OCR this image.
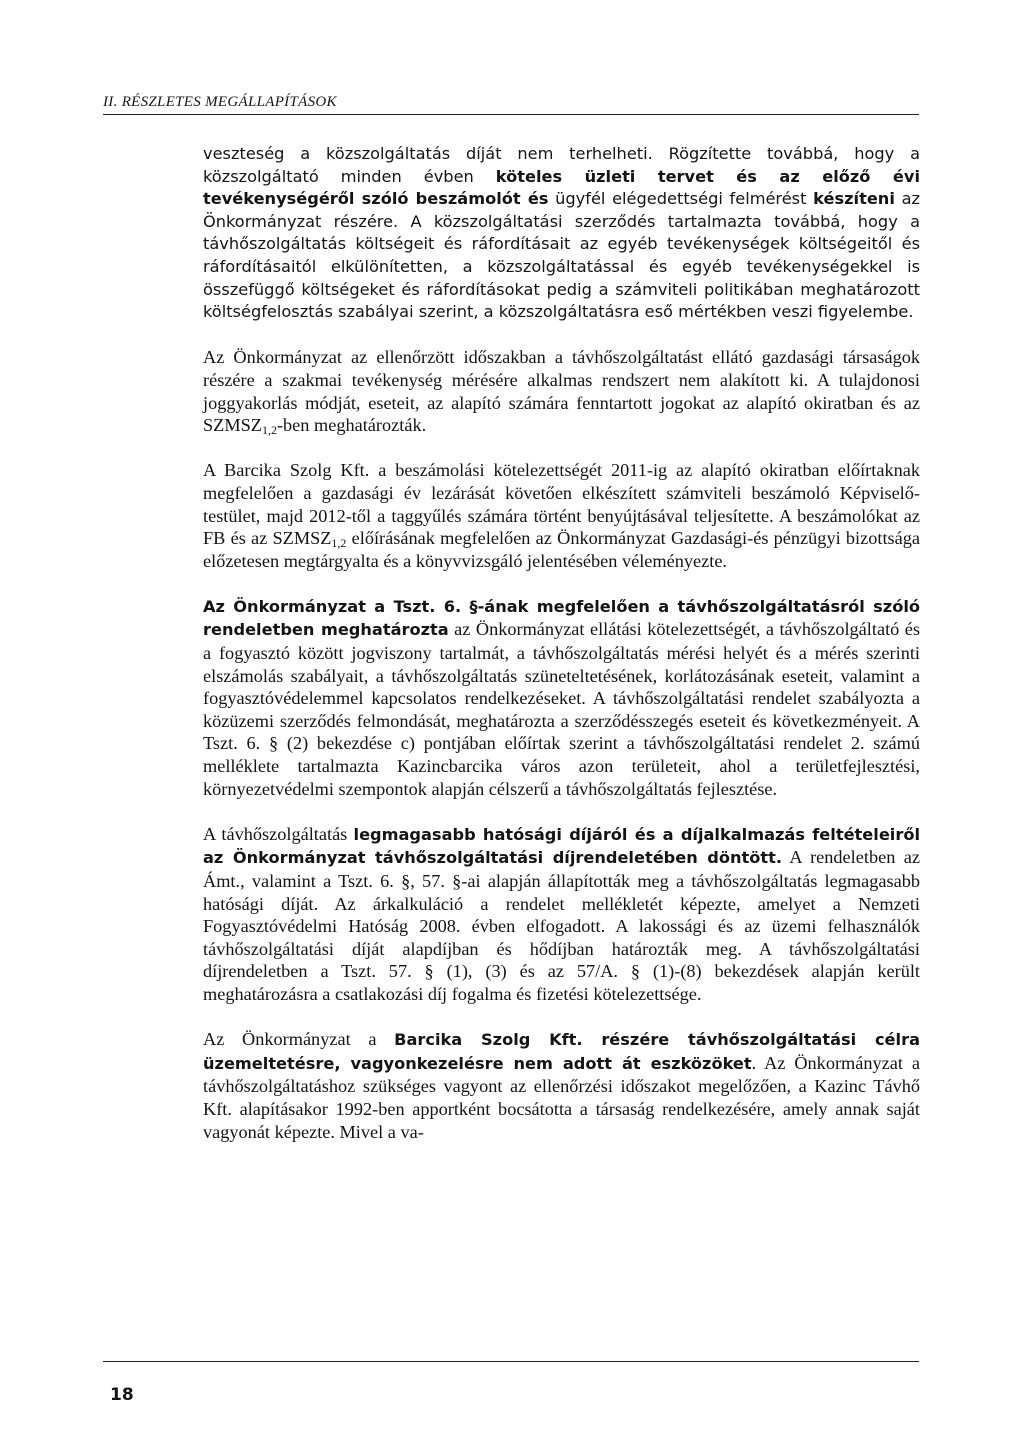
II. RÉSZLETES MEGÁLLAPÍTÁSOK

veszteség a közszolgáltatás díját nem terhelheti. Rögzítette továbbá, hogy a közszolgáltató minden évben köteles üzleti tervet és az előző évi tevékenységéről szóló beszámolót és ügyfél elégedettségi felmérést készíteni az Önkormányzat részére. A közszolgáltatási szerződés tartalmazta továbbá, hogy a távhőszolgáltatás költségeit és ráfordításait az egyéb tevékenységek költségeitől és ráfordításaitól elkülönítetten, a közszolgáltatással és egyéb tevékenységekkel is összefüggő költségeket és ráfordításokat pedig a számviteli politikában meghatározott költségfelosztás szabályai szerint, a közszolgáltatásra eső mértékben veszi figyelembe.

Az Önkormányzat az ellenőrzött időszakban a távhőszolgáltatást ellátó gazdasági társaságok részére a szakmai tevékenység mérésére alkalmas rendszert nem alakított ki. A tulajdonosi joggyakorlás módját, eseteit, az alapító számára fenntartott jogokat az alapító okiratban és az $SZMSZ_{1,2}$-ben meghatározták.

A Barcika Szolg Kft. a beszámolási kötelezettségét 2011-ig az alapító okiratban előírtaknak megfelelően a gazdasági év lezárását követően elkészített számviteli beszámoló Képviselő-testület, majd 2012-től a taggyűlés számára történt benyújtásával teljesítette. A beszámolókat az FB és az $SZMSZ_{1,2}$ előírásának megfelelően az Önkormányzat Gazdasági-és pénzügyi bizottsága előzetesen megtárgyalta és a könyvvizsgáló jelentésében véleményezte.

Az Önkormányzat a Tszt. 6. §-ának megfelelően a távhőszolgáltatásról szóló rendeletben meghatározta az Önkormányzat ellátási kötelezettségét, a távhőszolgáltató és a fogyasztó között jogviszony tartalmát, a távhőszolgáltatás mérési helyét és a mérés szerinti elszámolás szabályait, a távhőszolgáltatás szüneteltetésének, korlátozásának eseteit, valamint a fogyasztóvédelemmel kapcsolatos rendelkezéseket. A távhőszolgáltatási rendelet szabályozta a közüzemi szerződés felmondását, meghatározta a szerződésszegés eseteit és következményeit. A Tszt. 6. § (2) bekezdése c) pontjában előírtak szerint a távhőszolgáltatási rendelet 2. számú melléklete tartalmazta Kazincbarcika város azon területeit, ahol a területfejlesztési, környezetvédelmi szempontok alapján célszerű a távhőszolgáltatás fejlesztése.

A távhőszolgáltatás legmagasabb hatósági díjáról és a díjalkalmazás feltételeiről az Önkormányzat távhőszolgáltatási díjrendeletében döntött. A rendeletben az Ámt., valamint a Tszt. 6. §, 57. §-ai alapján állapították meg a távhőszolgáltatás legmagasabb hatósági díját. Az árkalkuláció a rendelet mellékletét képezte, amelyet a Nemzeti Fogyasztóvédelmi Hatóság 2008. évben elfogadott. A lakossági és az üzemi felhasználók távhőszolgáltatási díját alapdíjban és hődíjban határozták meg. A távhőszolgáltatási díjrendeletben a Tszt. 57. § (1), (3) és az 57/A. § (1)-(8) bekezdések alapján került meghatározásra a csatlakozási díj fogalma és fizetési kötelezettsége.

Az Önkormányzat a Barcika Szolg Kft. részére távhőszolgáltatási célra üzemeltetésre, vagyonkezelésre nem adott át eszközöket. Az Önkormányzat a távhőszolgáltatáshoz szükséges vagyont az ellenőrzési időszakot megelőzően, a Kazinc Távhő Kft. alapításakor 1992-ben apportként bocsátotta a társaság rendelkezésére, amely annak saját vagyonát képezte. Mivel a va-

18
